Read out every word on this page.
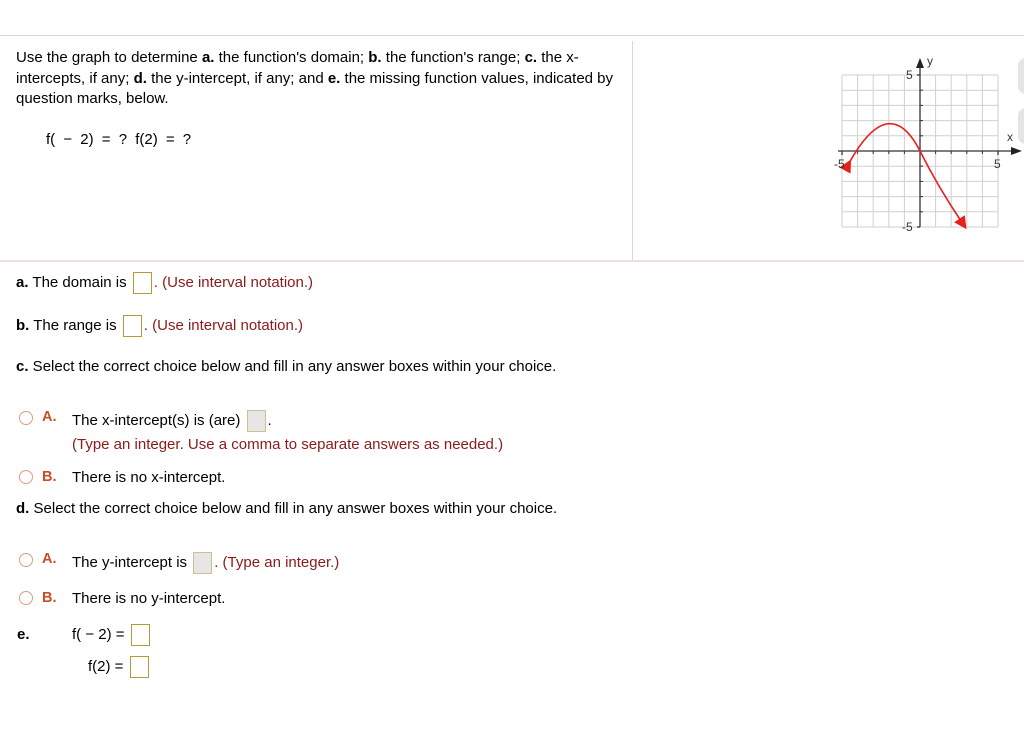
Use the graph to determine a. the function's domain; b. the function's range; c. the x-intercepts, if any; d. the y-intercept, if any; and e. the missing function values, indicated by question marks, below.
f( − 2) = ? f(2) = ?
y
x
5
-5
5
-5
a. The domain is . (Use interval notation.)
b. The range is . (Use interval notation.)
c. Select the correct choice below and fill in any answer boxes within your choice.
A. The x-intercept(s) is (are) .
(Type an integer. Use a comma to separate answers as needed.)
B. There is no x-intercept.
d. Select the correct choice below and fill in any answer boxes within your choice.
A. The y-intercept is . (Type an integer.)
B. There is no y-intercept.
e.	f( − 2) =
f(2) =
